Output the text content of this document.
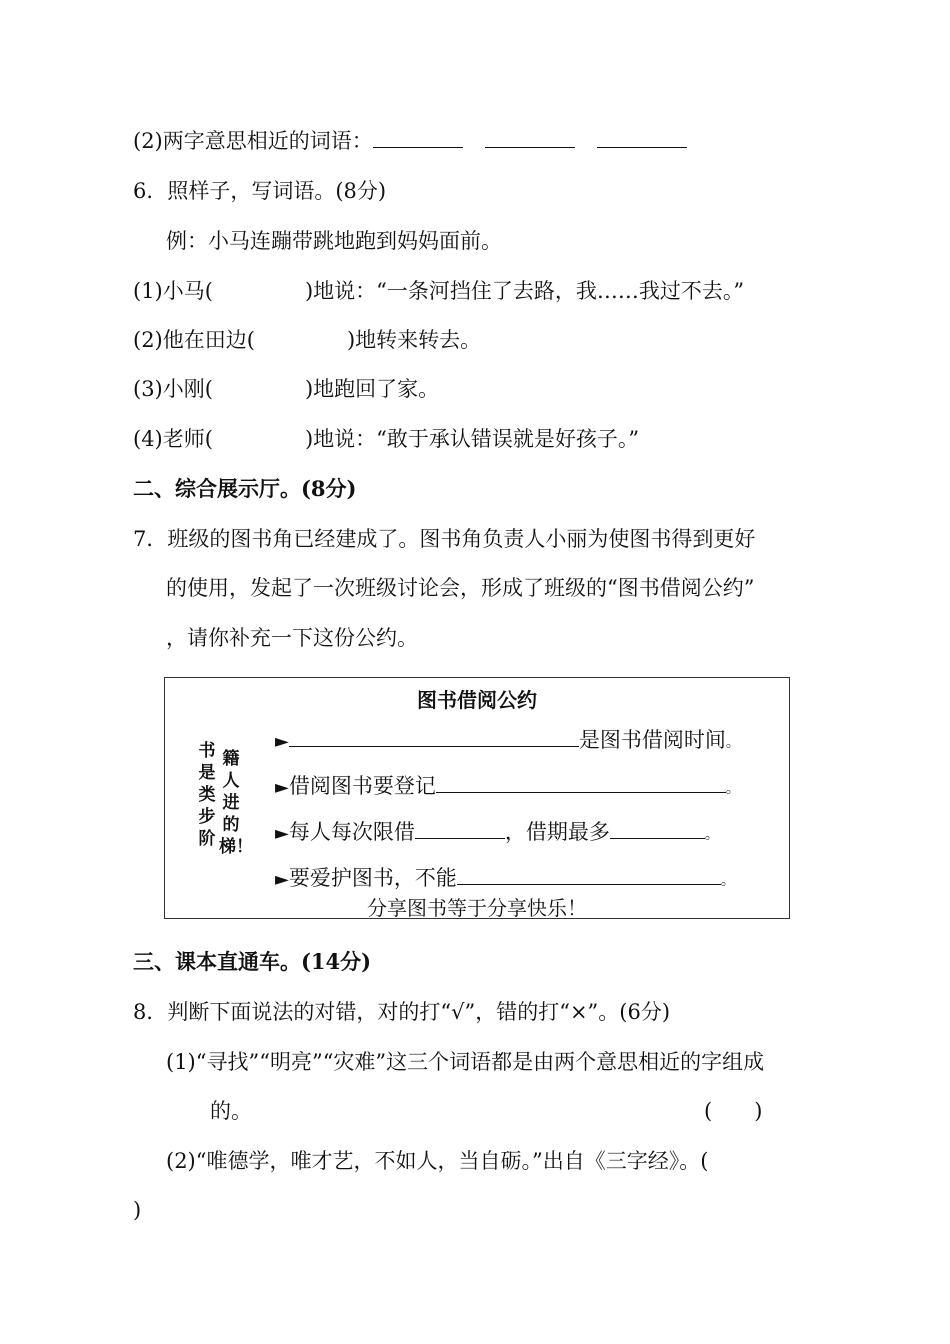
(2)两字意思相近的词语：
6．照样子，写词语。(8分)
例：小马连蹦带跳地跑到妈妈面前。
(1)小马(	)地说：“一条河挡住了去路，我……我过不去。”
(2)他在田边(	)地转来转去。
(3)小刚(	)地跑回了家。
(4)老师(	)地说：“敢于承认错误就是好孩子。”
二、综合展示厅。(8分)
7．班级的图书角已经建成了。图书角负责人小丽为使图书得到更好
的使用，发起了一次班级讨论会，形成了班级的“图书借阅公约”
，请你补充一下这份公约。
图书借阅公约
书是类步阶
籍人进的梯！
►	是图书借阅时间。
►借阅图书要登记	。
►每人每次限借	，借期最多	。
►要爱护图书，不能	。
分享图书等于分享快乐！
三、课本直通车。(14分)
8．判断下面说法的对错，对的打“√”，错的打“×”。(6分)
(1)“寻找”“明亮”“灾难”这三个词语都是由两个意思相近的字组成
的。	(　　)
(2)“唯德学，唯才艺，不如人，当自砺。”出自《三字经》。(
)
